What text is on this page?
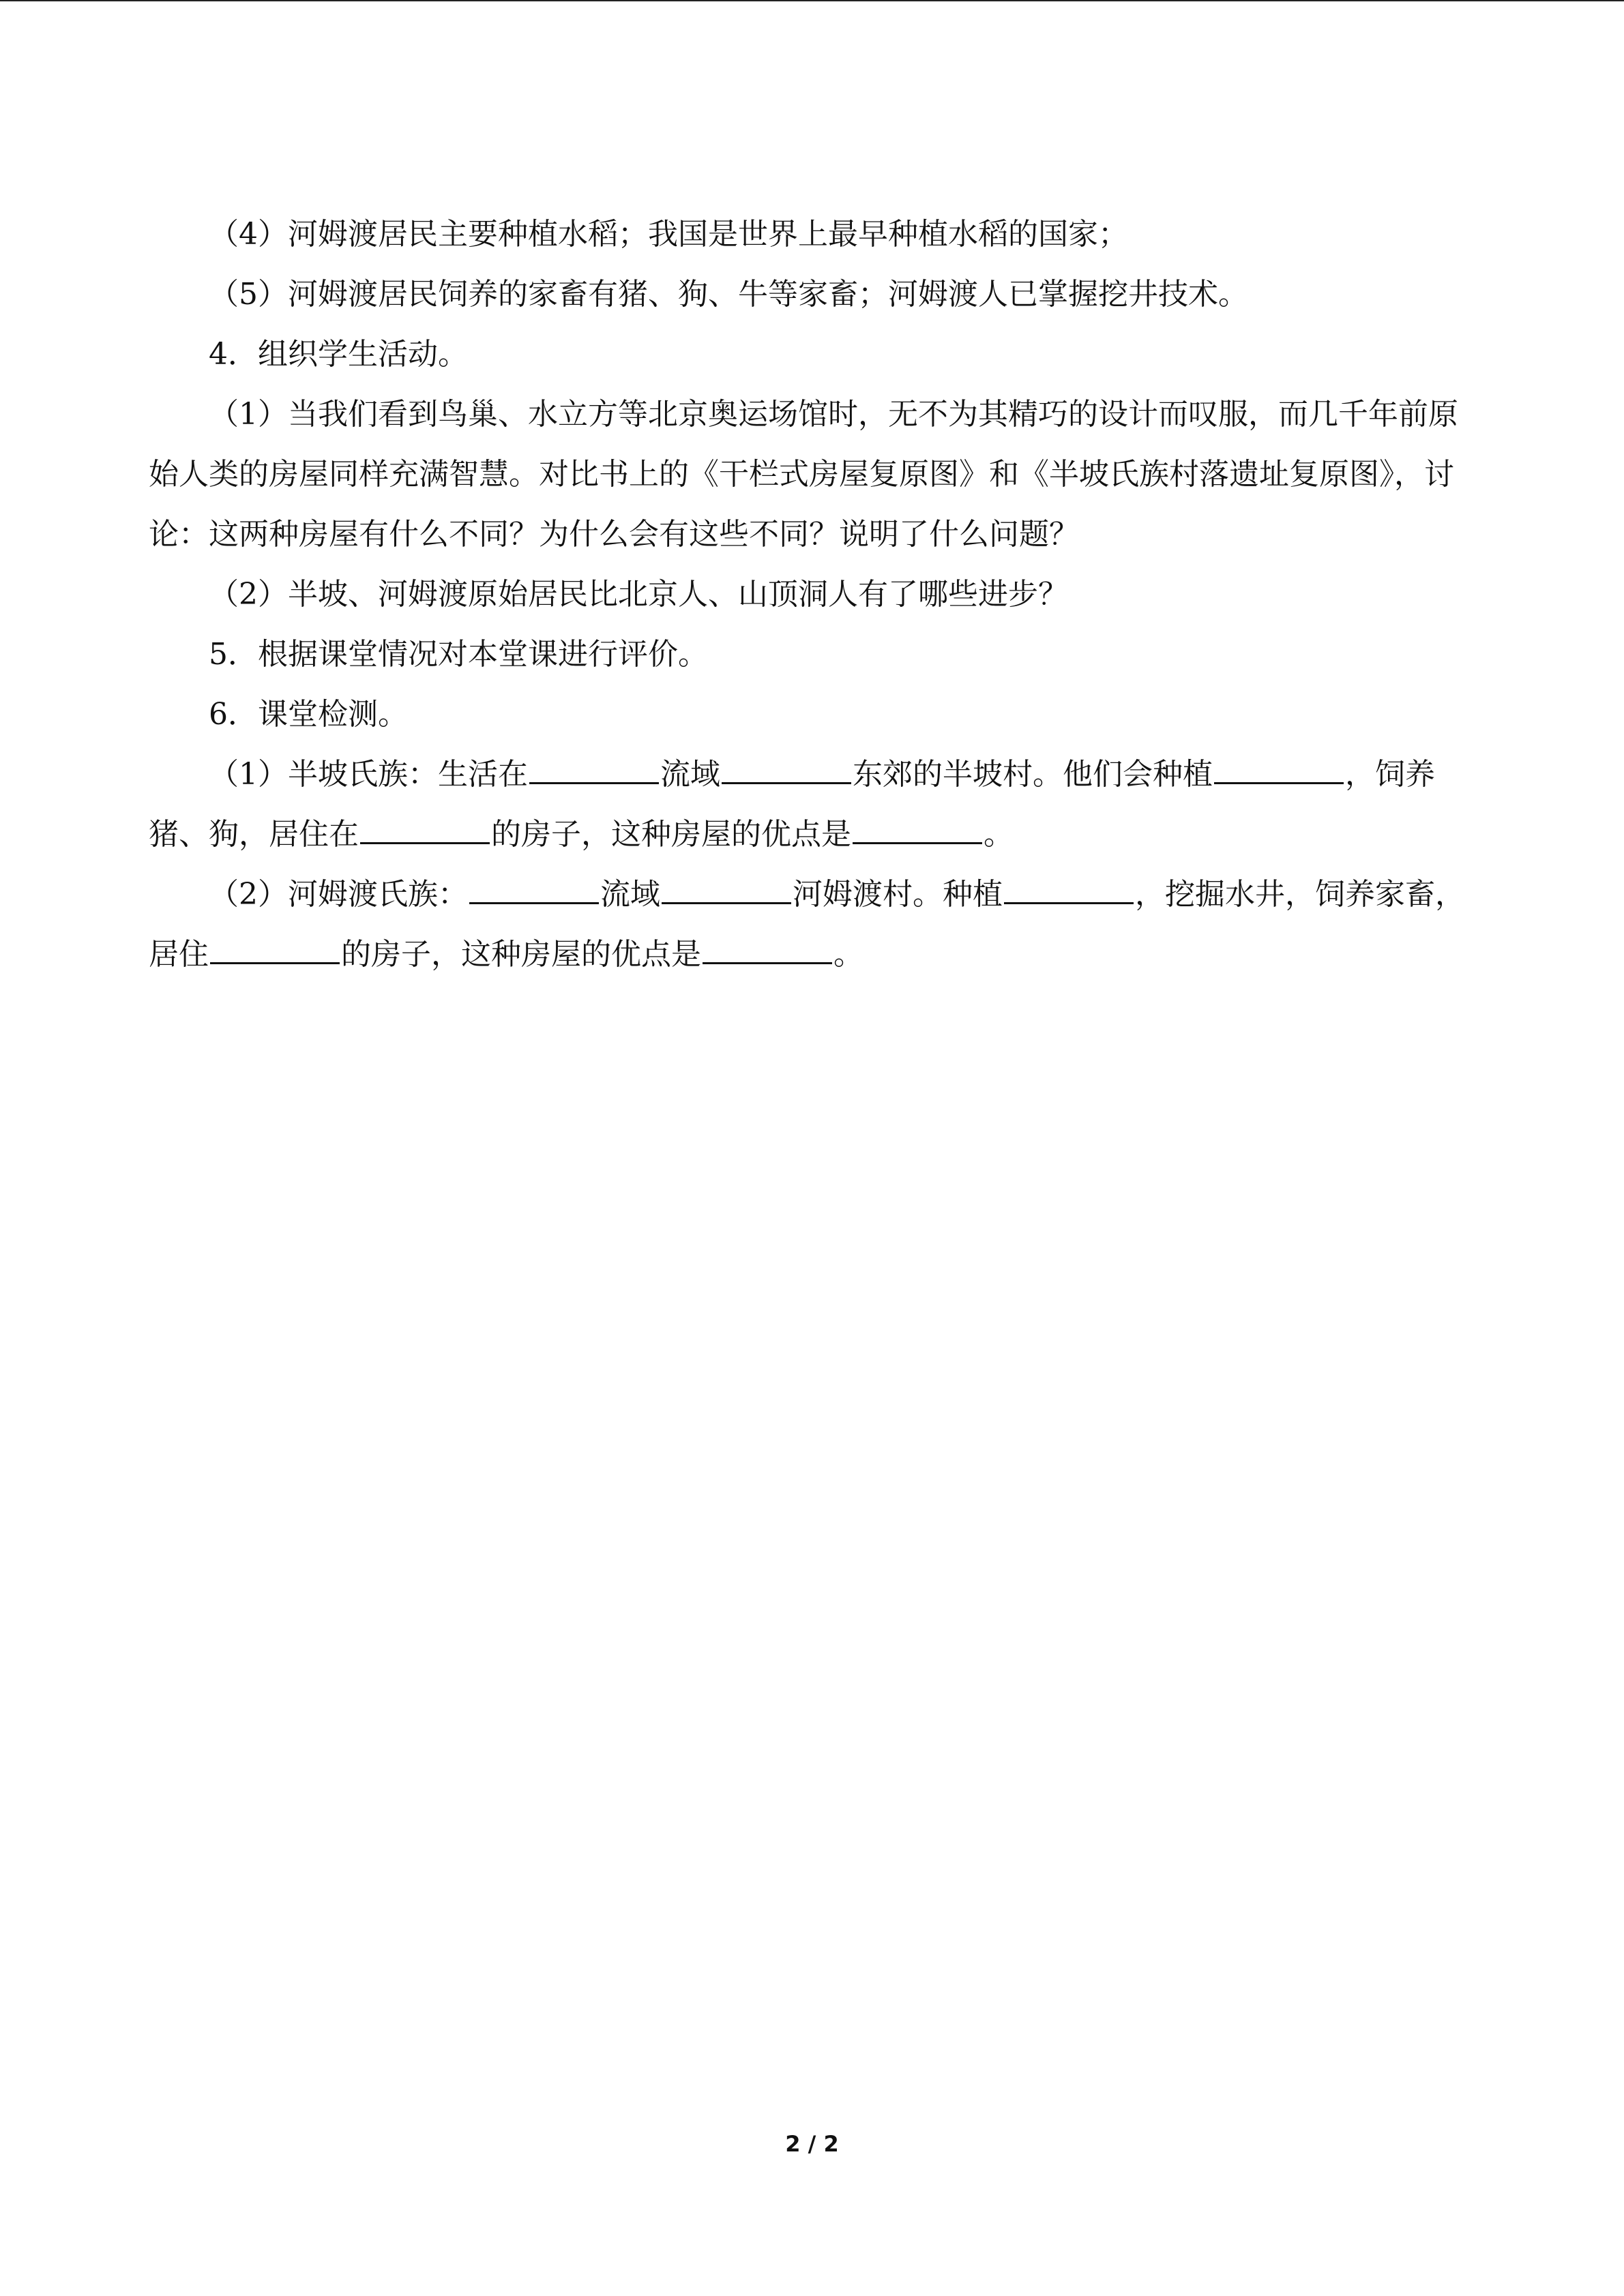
（4）河姆渡居民主要种植水稻；我国是世界上最早种植水稻的国家；

（5）河姆渡居民饲养的家畜有猪、狗、牛等家畜；河姆渡人已掌握挖井技术。

4．组织学生活动。

（1）当我们看到鸟巢、水立方等北京奥运场馆时，无不为其精巧的设计而叹服，而几千年前原始人类的房屋同样充满智慧。对比书上的《干栏式房屋复原图》和《半坡氏族村落遗址复原图》，讨论：这两种房屋有什么不同？为什么会有这些不同？说明了什么问题？

（2）半坡、河姆渡原始居民比北京人、山顶洞人有了哪些进步？

5．根据课堂情况对本堂课进行评价。

6．课堂检测。

（1）半坡氏族：生活在	流域	东郊的半坡村。他们会种植	，饲养猪、狗，居住在	的房子，这种房屋的优点是	。

（2）河姆渡氏族：	流域	河姆渡村。种植	，挖掘水井，饲养家畜，居住	的房子，这种房屋的优点是	。

2 / 2
